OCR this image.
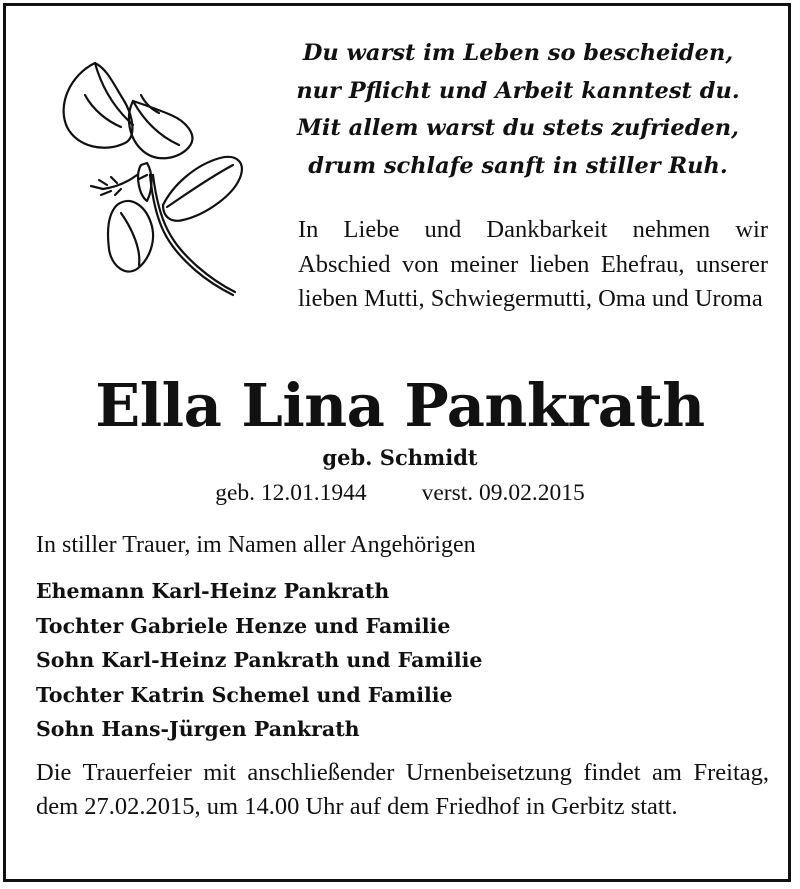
Du warst im Leben so bescheiden,
nur Pflicht und Arbeit kanntest du.
Mit allem warst du stets zufrieden,
drum schlafe sanft in stiller Ruh.
In Liebe und Dankbarkeit nehmen wir Abschied von meiner lieben Ehefrau, unserer lieben Mutti, Schwiegermutti, Oma und Uroma
Ella Lina Pankrath
geb. Schmidt
geb. 12.01.1944 verst. 09.02.2015
In stiller Trauer, im Namen aller Angehörigen
Ehemann Karl-Heinz Pankrath
Tochter Gabriele Henze und Familie
Sohn Karl-Heinz Pankrath und Familie
Tochter Katrin Schemel und Familie
Sohn Hans-Jürgen Pankrath
Die Trauerfeier mit anschließender Urnenbeisetzung findet am Freitag, dem 27.02.2015, um 14.00 Uhr auf dem Friedhof in Gerbitz statt.
